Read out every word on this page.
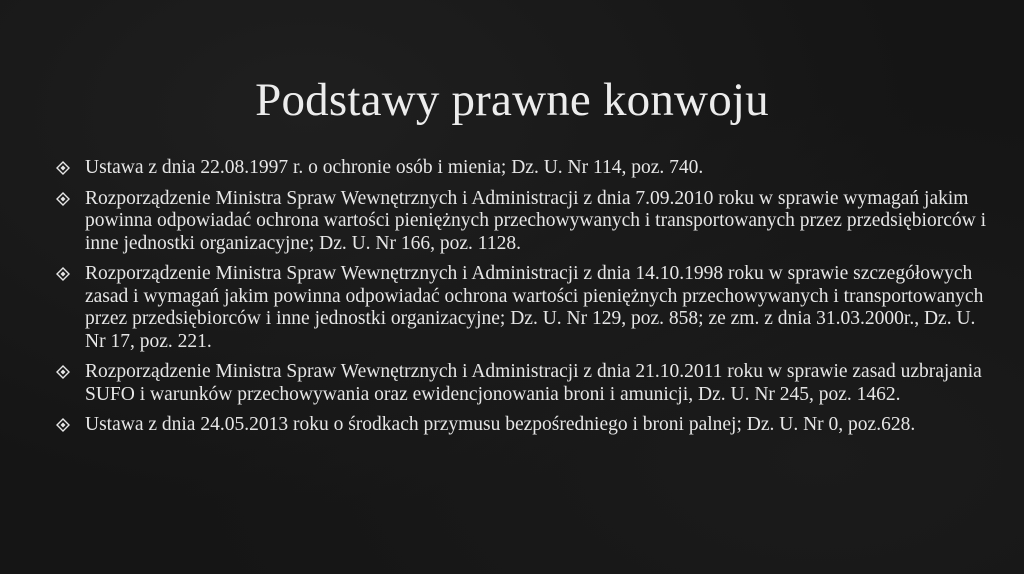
Podstawy prawne konwoju
Ustawa z dnia 22.08.1997 r. o ochronie osób i mienia; Dz. U. Nr 114, poz. 740.
Rozporządzenie Ministra Spraw Wewnętrznych i Administracji z dnia 7.09.2010 roku w sprawie wymagań jakim powinna odpowiadać ochrona wartości pieniężnych przechowywanych i transportowanych przez przedsiębiorców i inne jednostki organizacyjne; Dz. U. Nr 166, poz. 1128.
Rozporządzenie Ministra Spraw Wewnętrznych i Administracji z dnia 14.10.1998 roku w sprawie szczegółowych zasad i wymagań jakim powinna odpowiadać ochrona wartości pieniężnych przechowywanych i transportowanych przez przedsiębiorców i inne jednostki organizacyjne; Dz. U. Nr 129, poz. 858; ze zm. z dnia 31.03.2000r., Dz. U. Nr 17, poz. 221.
Rozporządzenie Ministra Spraw Wewnętrznych i Administracji z dnia 21.10.2011 roku w sprawie zasad uzbrajania SUFO i warunków przechowywania oraz ewidencjonowania broni i amunicji, Dz. U. Nr 245, poz. 1462.
Ustawa z dnia 24.05.2013 roku o środkach przymusu bezpośredniego i broni palnej; Dz. U. Nr 0, poz.628.
